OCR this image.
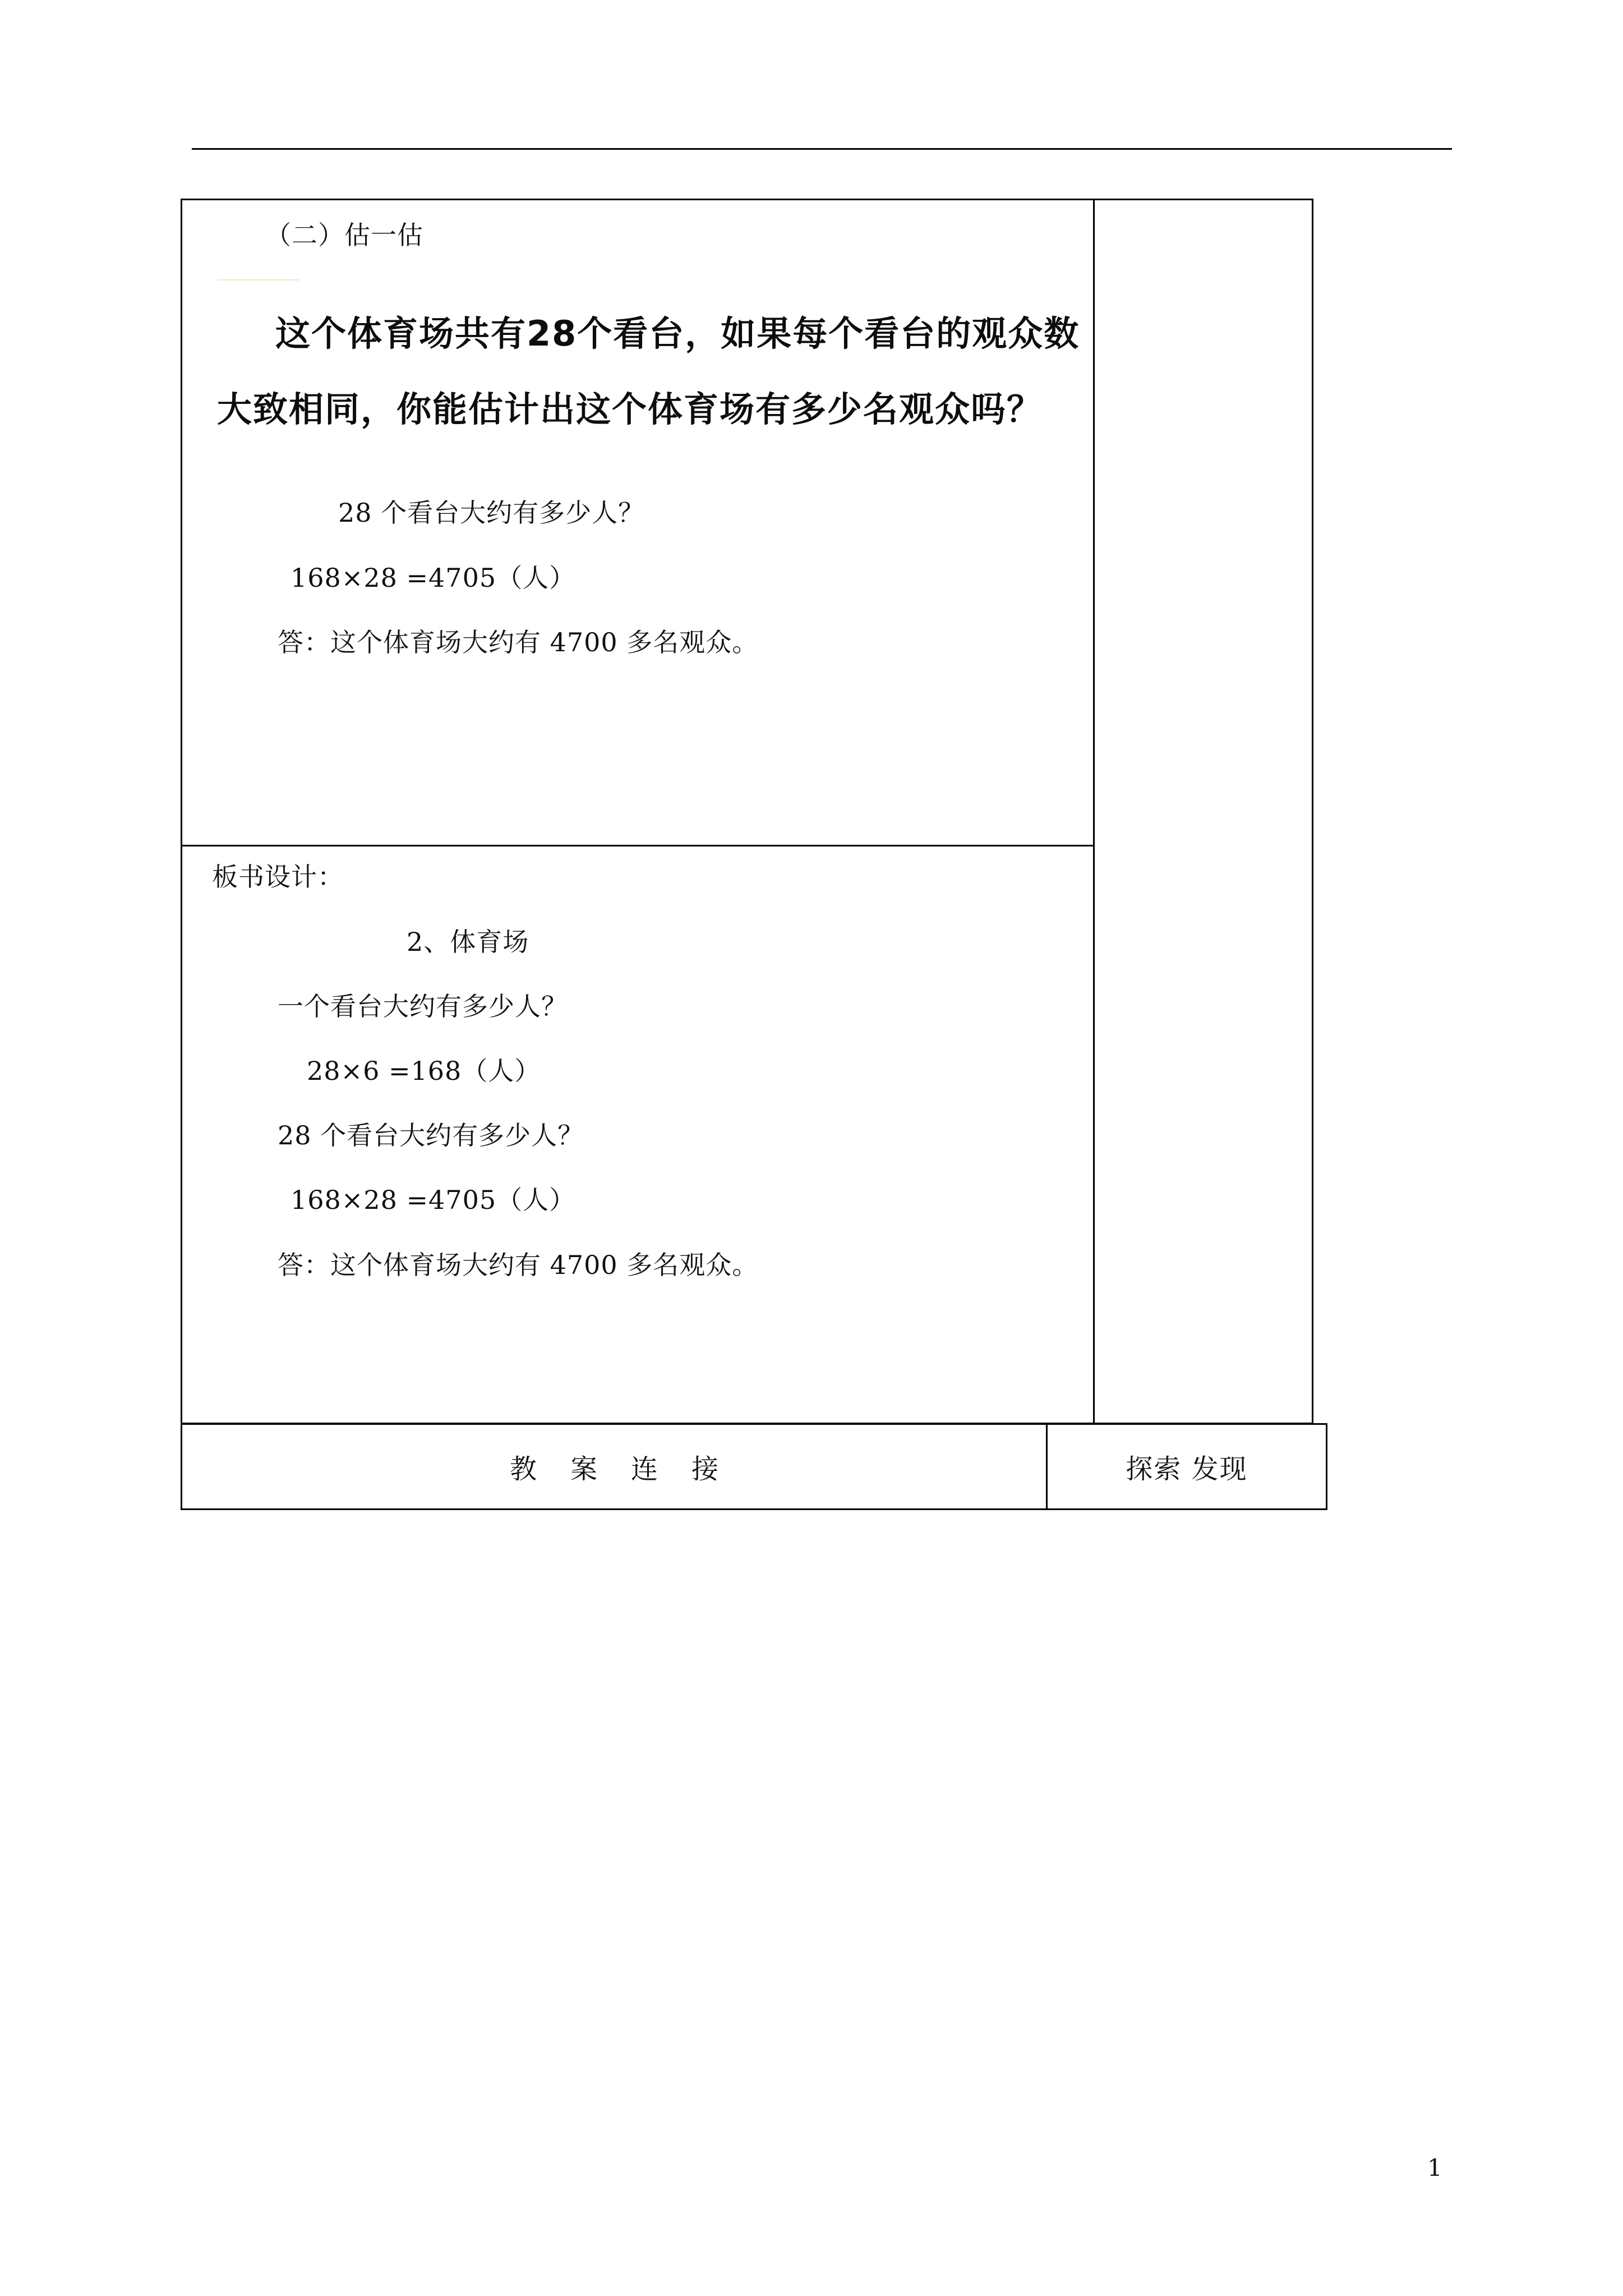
（二）估一估
这个体育场共有28个看台，如果每个看台的观众数大致相同，你能估计出这个体育场有多少名观众吗？
28 个看台大约有多少人？
168×28 =4705（人）
答：这个体育场大约有 4700 多名观众。
板书设计：
2、体育场
一个看台大约有多少人？
28×6 =168（人）
28 个看台大约有多少人？
168×28 =4705（人）
答：这个体育场大约有 4700 多名观众。
教案连接	探索 发现
1
